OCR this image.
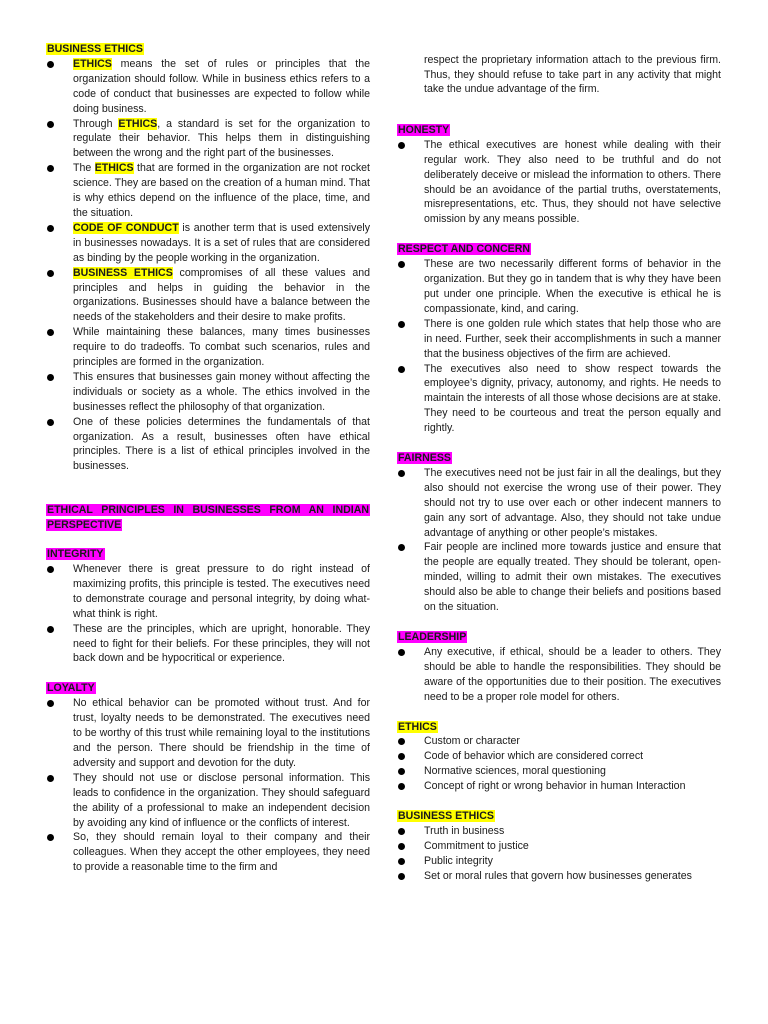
BUSINESS ETHICS

ETHICS means the set of rules or principles that the organization should follow. While in business ethics refers to a code of conduct that businesses are expected to follow while doing business.
Through ETHICS, a standard is set for the organization to regulate their behavior. This helps them in distinguishing between the wrong and the right part of the businesses.
The ETHICS that are formed in the organization are not rocket science. They are based on the creation of a human mind. That is why ethics depend on the influence of the place, time, and the situation.
CODE OF CONDUCT is another term that is used extensively in businesses nowadays. It is a set of rules that are considered as binding by the people working in the organization.
BUSINESS ETHICS compromises of all these values and principles and helps in guiding the behavior in the organizations. Businesses should have a balance between the needs of the stakeholders and their desire to make profits.
While maintaining these balances, many times businesses require to do tradeoffs. To combat such scenarios, rules and principles are formed in the organization.
This ensures that businesses gain money without affecting the individuals or society as a whole. The ethics involved in the businesses reflect the philosophy of that organization.
One of these policies determines the fundamentals of that organization. As a result, businesses often have ethical principles. There is a list of ethical principles involved in the businesses.

ETHICAL PRINCIPLES IN BUSINESSES FROM AN INDIAN PERSPECTIVE

INTEGRITY

Whenever there is great pressure to do right instead of maximizing profits, this principle is tested. The executives need to demonstrate courage and personal integrity, by doing what-what think is right.
These are the principles, which are upright, honorable. They need to fight for their beliefs. For these principles, they will not back down and be hypocritical or experience.

LOYALTY

No ethical behavior can be promoted without trust. And for trust, loyalty needs to be demonstrated. The executives need to be worthy of this trust while remaining loyal to the institutions and the person. There should be friendship in the time of adversity and support and devotion for the duty.
They should not use or disclose personal information. This leads to confidence in the organization. They should safeguard the ability of a professional to make an independent decision by avoiding any kind of influence or the conflicts of interest.
So, they should remain loyal to their company and their colleagues. When they accept the other employees, they need to provide a reasonable time to the firm and

respect the proprietary information attach to the previous firm. Thus, they should refuse to take part in any activity that might take the undue advantage of the firm.

HONESTY

The ethical executives are honest while dealing with their regular work. They also need to be truthful and do not deliberately deceive or mislead the information to others. There should be an avoidance of the partial truths, overstatements, misrepresentations, etc. Thus, they should not have selective omission by any means possible.

RESPECT AND CONCERN

These are two necessarily different forms of behavior in the organization. But they go in tandem that is why they have been put under one principle. When the executive is ethical he is compassionate, kind, and caring.
There is one golden rule which states that help those who are in need. Further, seek their accomplishments in such a manner that the business objectives of the firm are achieved.
The executives also need to show respect towards the employee’s dignity, privacy, autonomy, and rights. He needs to maintain the interests of all those whose decisions are at stake. They need to be courteous and treat the person equally and rightly.

FAIRNESS

The executives need not be just fair in all the dealings, but they also should not exercise the wrong use of their power. They should not try to use over each or other indecent manners to gain any sort of advantage. Also, they should not take undue advantage of anything or other people’s mistakes.
Fair people are inclined more towards justice and ensure that the people are equally treated. They should be tolerant, open-minded, willing to admit their own mistakes. The executives should also be able to change their beliefs and positions based on the situation.

LEADERSHIP

Any executive, if ethical, should be a leader to others. They should be able to handle the responsibilities. They should be aware of the opportunities due to their position. The executives need to be a proper role model for others.

ETHICS

Custom or character
Code of behavior which are considered correct
Normative sciences, moral questioning
Concept of right or wrong behavior in human Interaction

BUSINESS ETHICS

Truth in business
Commitment to justice
Public integrity
Set or moral rules that govern how businesses generates
